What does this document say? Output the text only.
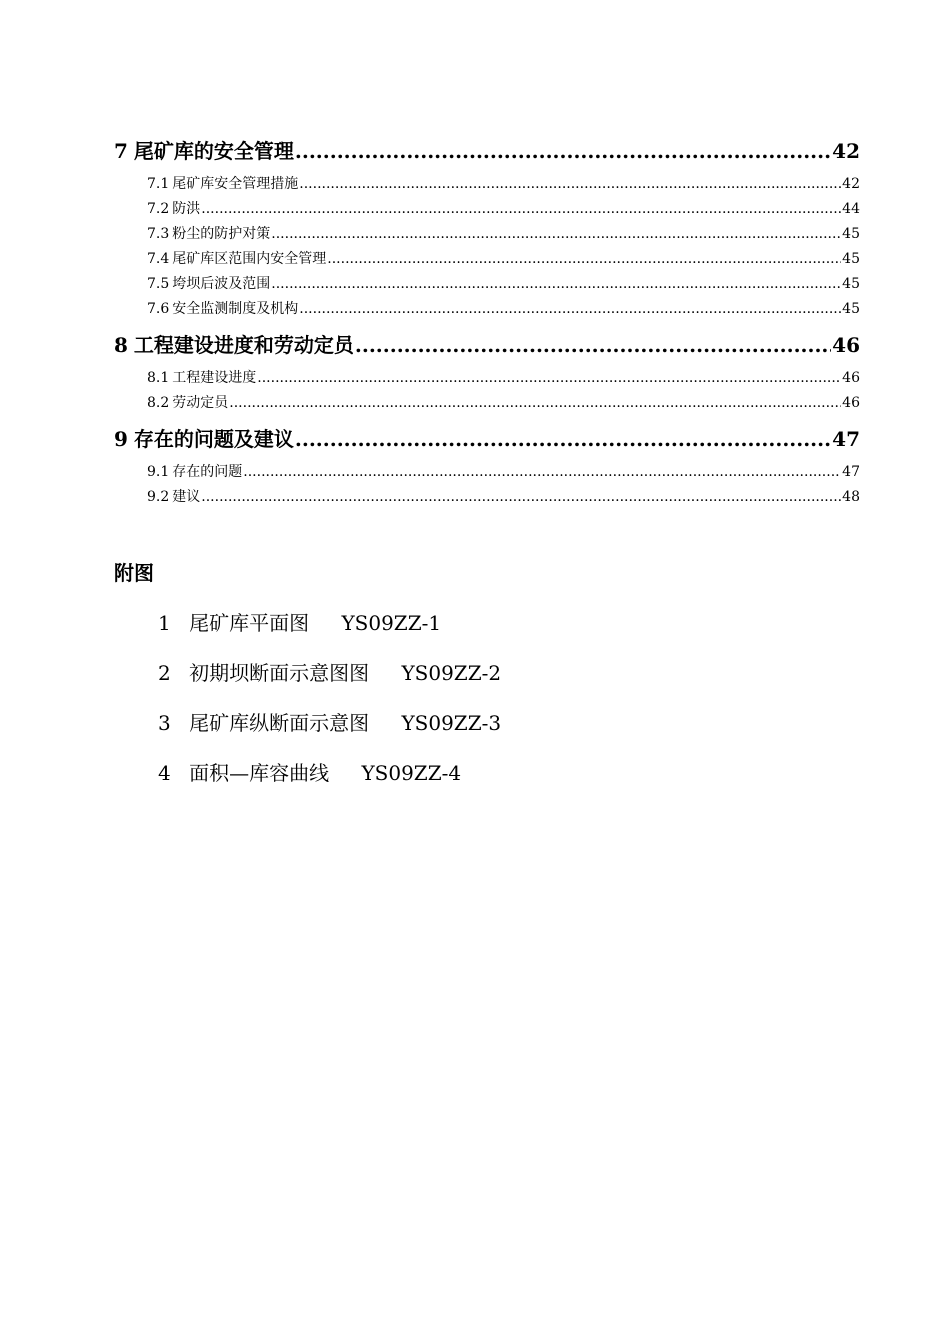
7 尾矿库的安全管理 .....	42
7.1 尾矿库安全管理措施 .....	42
7.2 防洪 .....	44
7.3 粉尘的防护对策 .....	45
7.4 尾矿库区范围内安全管理 .....	45
7.5 垮坝后波及范围 .....	45
7.6 安全监测制度及机构 .....	45
8 工程建设进度和劳动定员 .....	46
8.1 工程建设进度 .....	46
8.2 劳动定员 .....	46
9 存在的问题及建议 .....	47
9.1 存在的问题 .....	47
9.2 建议 .....	48
附图
1 尾矿库平面图 YS09ZZ-1
2 初期坝断面示意图图 YS09ZZ-2
3 尾矿库纵断面示意图 YS09ZZ-3
4 面积—库容曲线 YS09ZZ-4
